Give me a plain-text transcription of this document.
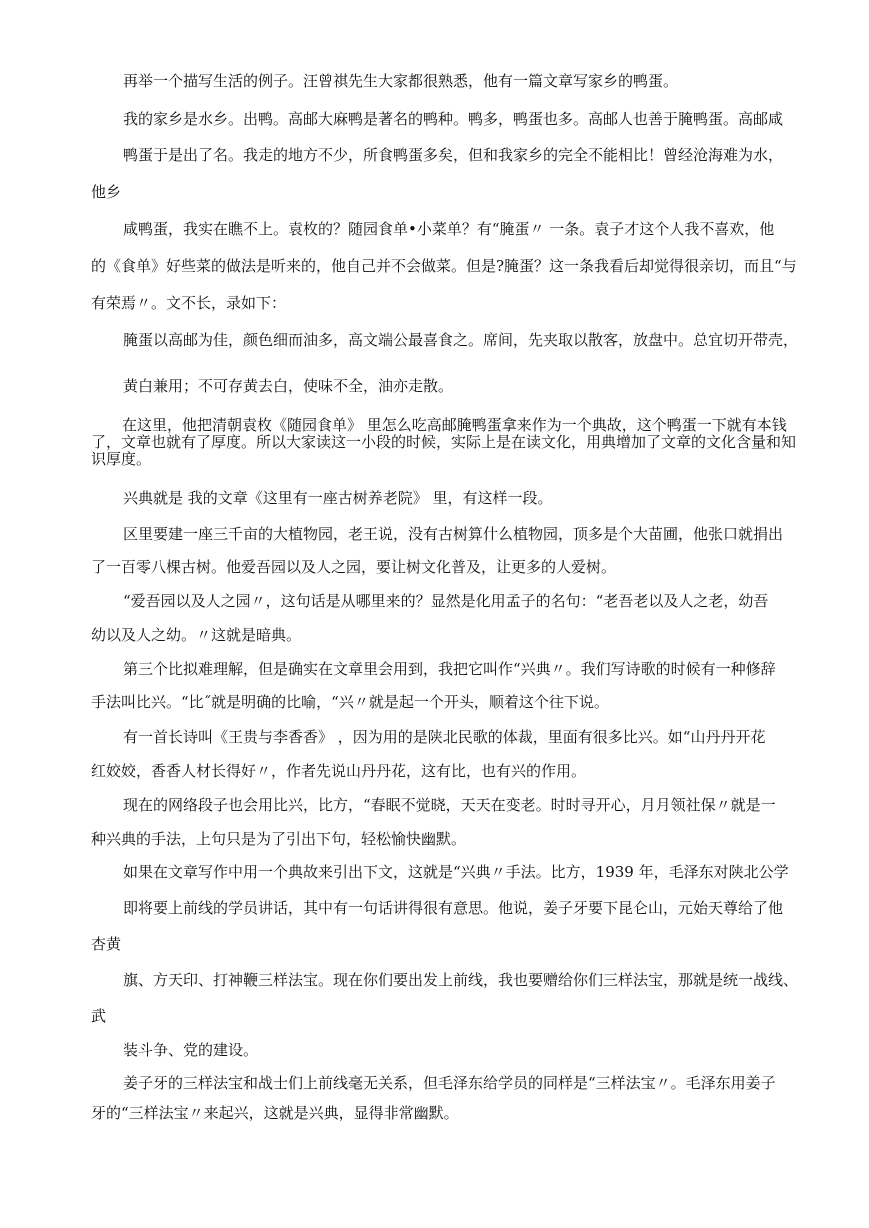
再举一个描写生活的例子。汪曾祺先生大家都很熟悉，他有一篇文章写家乡的鸭蛋。

我的家乡是水乡。出鸭。高邮大麻鸭是著名的鸭种。鸭多，鸭蛋也多。高邮人也善于腌鸭蛋。高邮咸

鸭蛋于是出了名。我走的地方不少，所食鸭蛋多矣，但和我家乡的完全不能相比！曾经沧海难为水，

他乡

咸鸭蛋，我实在瞧不上。袁枚的？随园食单•小菜单？有“腌蛋〃 一条。袁子才这个人我不喜欢，他

的《食单》好些菜的做法是听来的，他自己并不会做菜。但是?腌蛋？这一条我看后却觉得很亲切，而且“与

有荣焉〃。文不长，录如下：

腌蛋以高邮为佳，颜色细而油多，高文端公最喜食之。席间，先夹取以散客，放盘中。总宜切开带壳，

黄白兼用；不可存黄去白，使味不全，油亦走散。

在这里，他把清朝袁枚《随园食单》 里怎么吃高邮腌鸭蛋拿来作为一个典故，这个鸭蛋一下就有本钱了，文章也就有了厚度。所以大家读这一小段的时候，实际上是在读文化，用典增加了文章的文化含量和知识厚度。

兴典就是 我的文章《这里有一座古树养老院》 里，有这样一段。

区里要建一座三千亩的大植物园，老王说，没有古树算什么植物园，顶多是个大苗圃，他张口就捐出

了一百零八棵古树。他爱吾园以及人之园，要让树文化普及，让更多的人爱树。

“爱吾园以及人之园〃，这句话是从哪里来的？显然是化用孟子的名句：“老吾老以及人之老，幼吾

幼以及人之幼。〃这就是暗典。

第三个比拟难理解，但是确实在文章里会用到，我把它叫作“兴典〃。我们写诗歌的时候有一种修辞

手法叫比兴。“比˝就是明确的比喻，“兴〃就是起一个开头，顺着这个往下说。

有一首长诗叫《王贵与李香香》 ，因为用的是陕北民歌的体裁，里面有很多比兴。如“山丹丹开花

红姣姣，香香人材长得好〃，作者先说山丹丹花，这有比，也有兴的作用。

现在的网络段子也会用比兴，比方，“春眠不觉晓，天天在变老。时时寻开心，月月领社保〃就是一

种兴典的手法，上句只是为了引出下句，轻松愉快幽默。

如果在文章写作中用一个典故来引出下文，这就是“兴典〃手法。比方，1939 年，毛泽东对陕北公学

即将要上前线的学员讲话，其中有一句话讲得很有意思。他说，姜子牙要下昆仑山，元始天尊给了他

杏黄

旗、方天印、打神鞭三样法宝。现在你们要出发上前线，我也要赠给你们三样法宝，那就是统一战线、

武

装斗争、党的建设。

姜子牙的三样法宝和战士们上前线毫无关系，但毛泽东给学员的同样是“三样法宝〃。毛泽东用姜子

牙的“三样法宝〃来起兴，这就是兴典，显得非常幽默。
